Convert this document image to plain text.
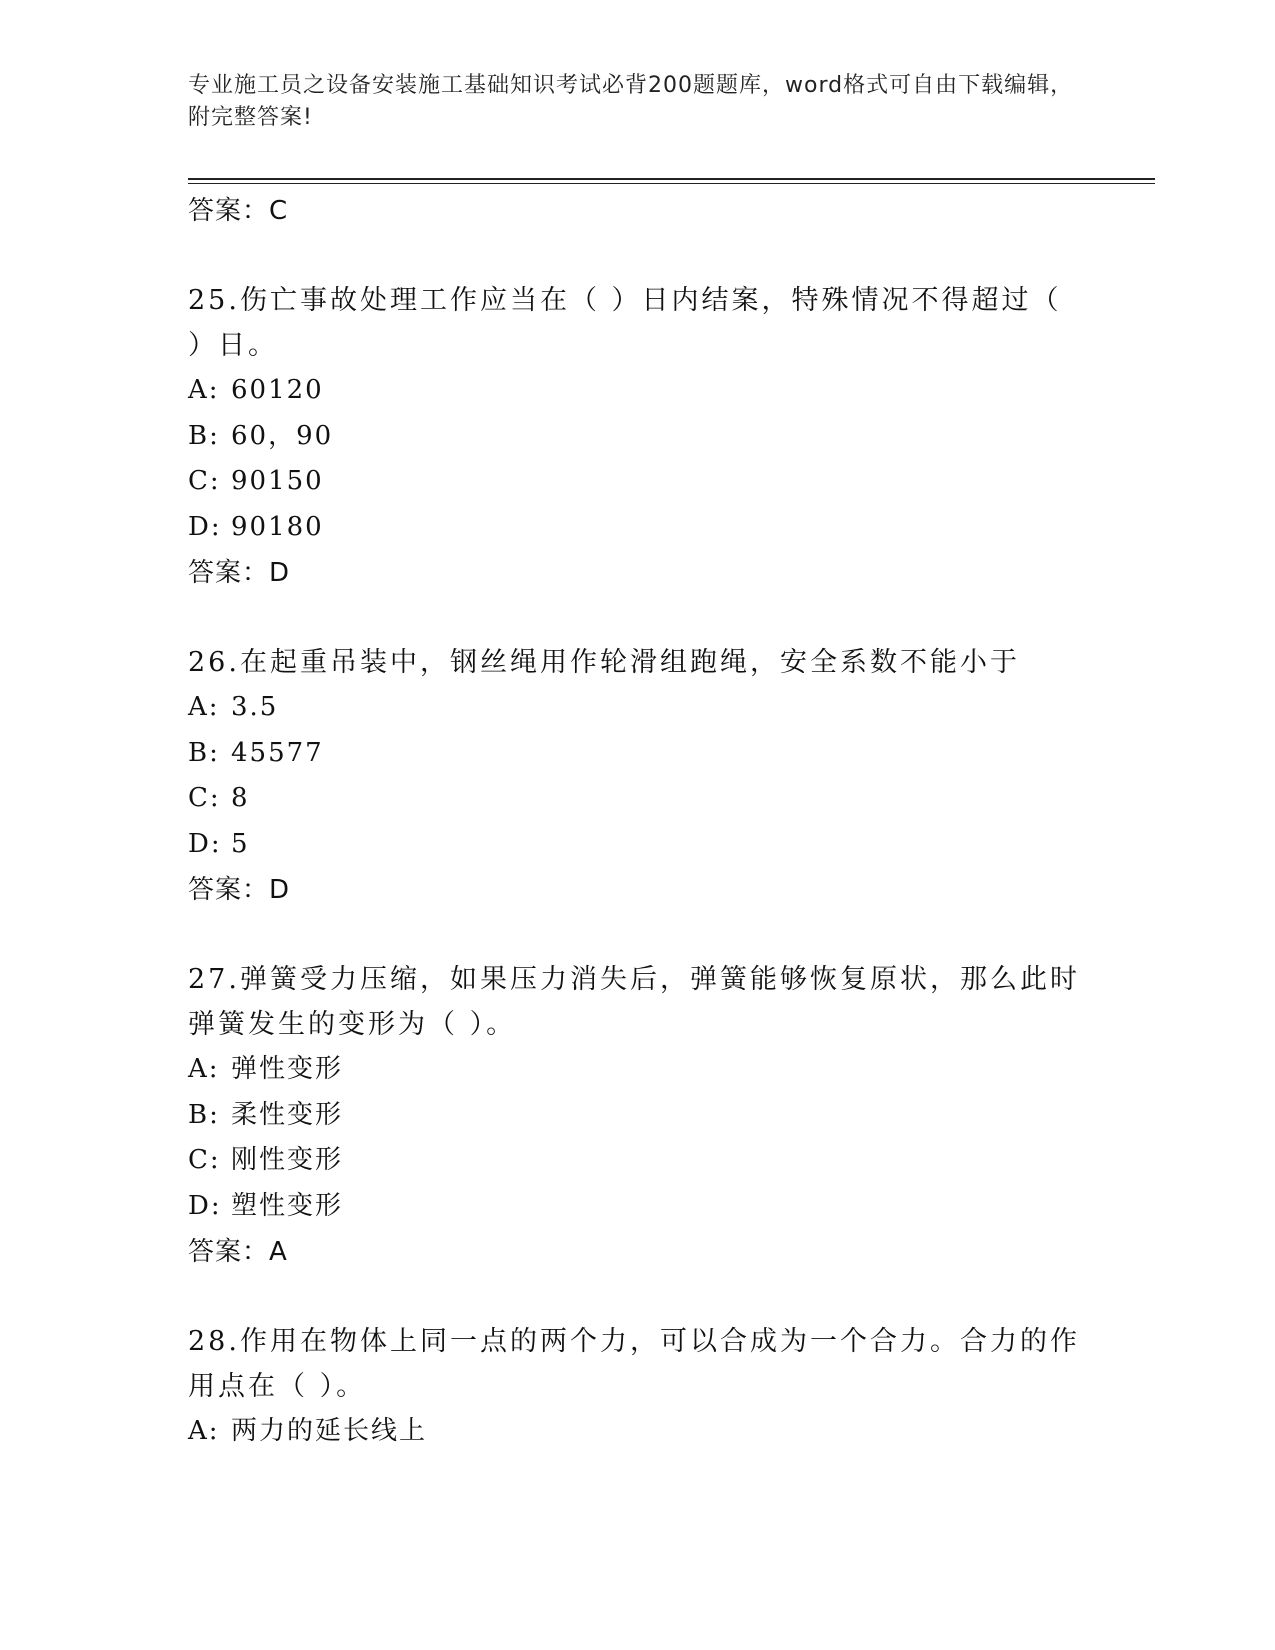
专业施工员之设备安装施工基础知识考试必背200题题库，word格式可自由下载编辑，附完整答案!
答案：C
25.伤亡事故处理工作应当在（ ）日内结案，特殊情况不得超过（ ）日。
A: 60120
B: 60，90
C: 90150
D: 90180
答案：D
26.在起重吊装中，钢丝绳用作轮滑组跑绳，安全系数不能小于
A: 3.5
B: 45577
C: 8
D: 5
答案：D
27.弹簧受力压缩，如果压力消失后，弹簧能够恢复原状，那么此时弹簧发生的变形为（ ）。
A: 弹性变形
B: 柔性变形
C: 刚性变形
D: 塑性变形
答案：A
28.作用在物体上同一点的两个力，可以合成为一个合力。合力的作用点在（ ）。
A: 两力的延长线上
